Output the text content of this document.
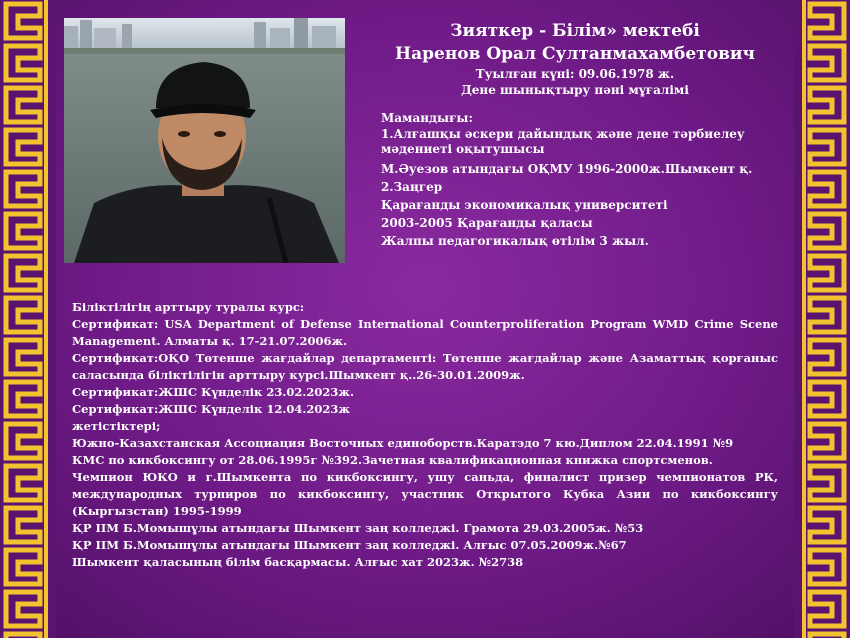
Зияткер - Білім» мектебі
Наренов Орал Султанмахамбетович
Туылған күні: 09.06.1978 ж.
Дене шынықтыру пәні мұғалімі
Мамандығы:
1.Алғашқы әскери дайындық және дене тәрбиелеу мәдениеті оқытушысы
М.Әуезов атындағы ОҚМУ 1996-2000ж.Шымкент қ.
2.Заңгер
Қарағанды экономикалық университеті
2003-2005 Қарағанды қаласы
Жалпы педагогикалық өтілім 3 жыл.
Біліктілігің арттыру туралы курс:
Сертификат: USA Department of Defense International Counterproliferation Program WMD Crime Scene Management. Алматы қ. 17-21.07.2006ж.
Сертификат:ОҚО Төтенше жағдайлар департаменті: Төтенше жағдайлар және Азаматтық қорғаныс саласында біліктілігін арттыру курсі.Шымкент қ..26-30.01.2009ж.
Сертификат:ЖШС Күнделік 23.02.2023ж.
Сертификат:ЖШС Күнделік 12.04.2023ж
жетістіктері;
Южно-Казахстанская Ассоциация Восточных единоборств.Каратэдо 7 кю.Диплом 22.04.1991 №9
КМС по кикбоксингу от 28.06.1995г №392.Зачетная квалификационная книжка спортсменов.
Чемпион ЮКО и г.Шымкента по кикбоксингу, ушу саньда, финалист призер чемпионатов РК, международных турниров по кикбоксингу, участник Открытого Кубка Азии по кикбоксингу (Кыргызстан) 1995-1999
ҚР ІІМ Б.Момышұлы атындағы Шымкент заң колледжі. Грамота 29.03.2005ж. №53
ҚР ІІМ Б.Момышұлы атындағы Шымкент заң колледжі. Алғыс 07.05.2009ж.№67
Шымкент қаласының білім басқармасы. Алғыс хат 2023ж. №2738
